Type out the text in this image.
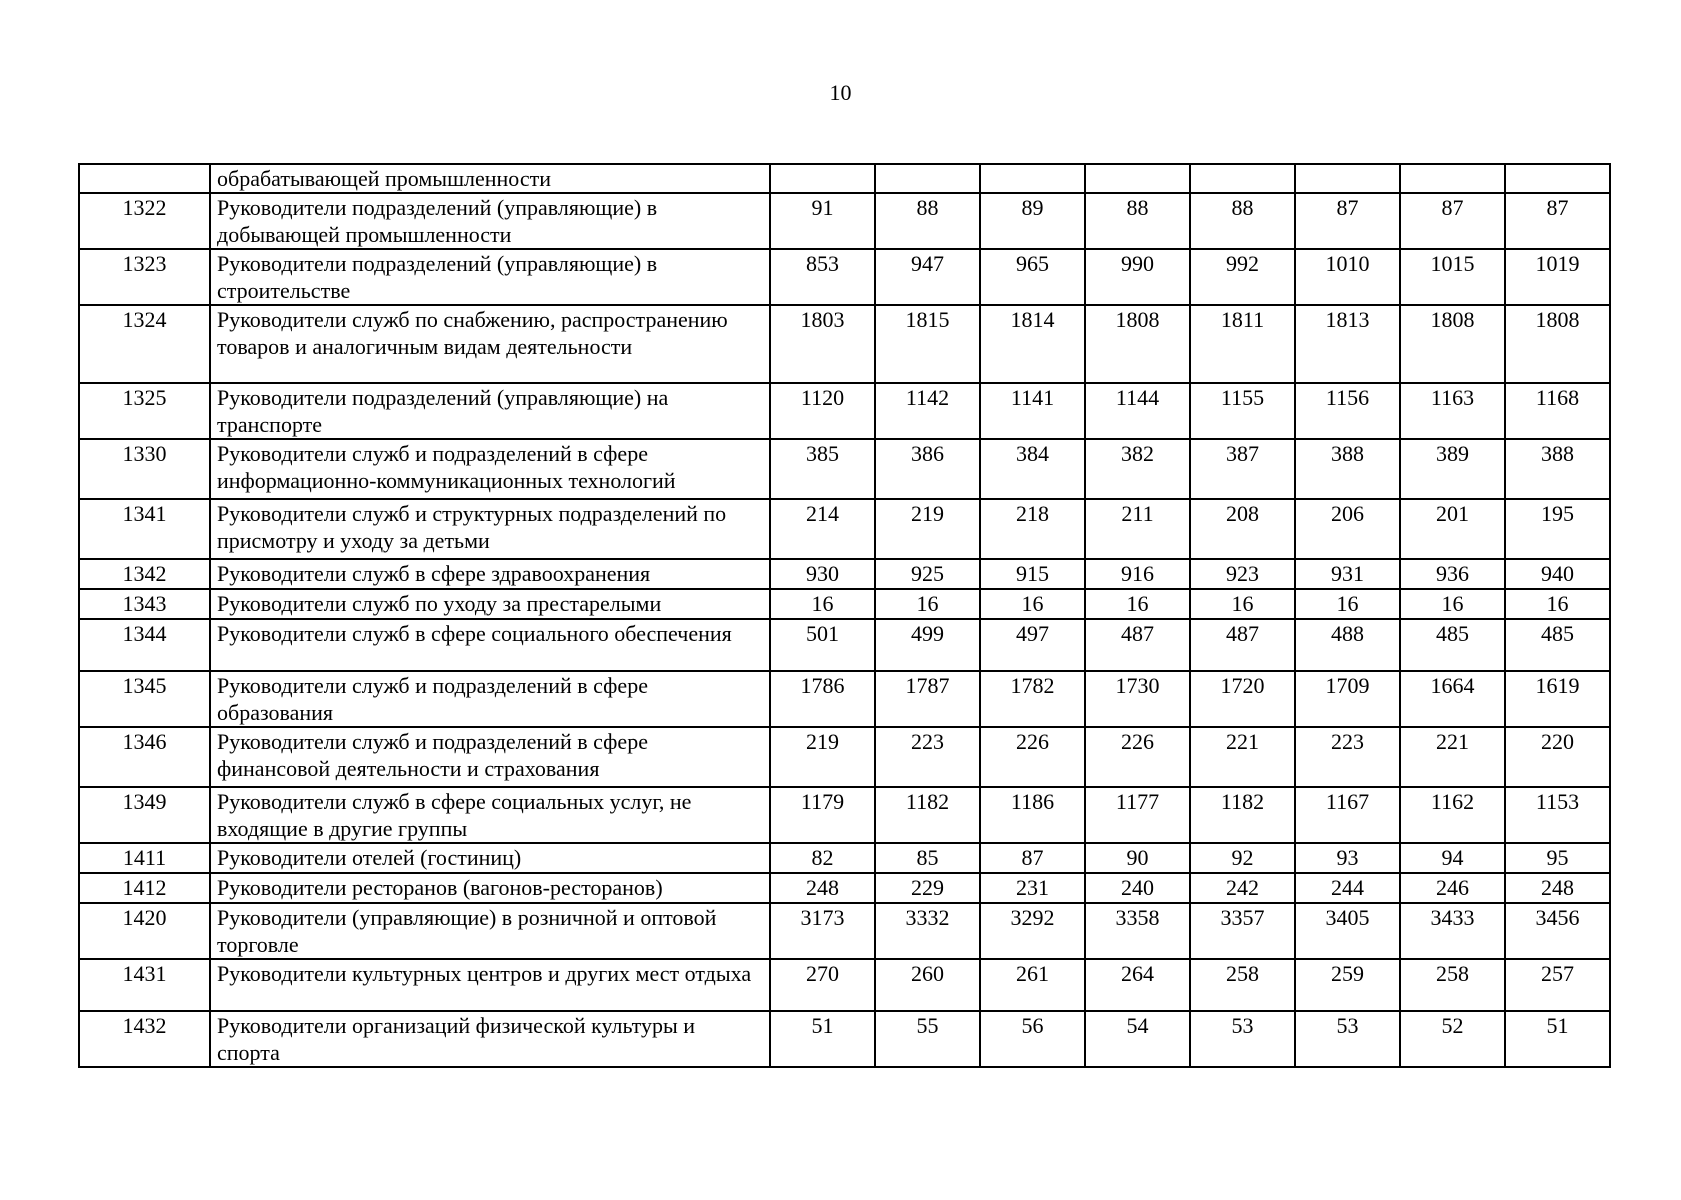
10
	обрабатывающей промышленности								
1322	Руководители подразделений (управляющие) в добывающей промышленности	91	88	89	88	88	87	87	87
1323	Руководители подразделений (управляющие) в строительстве	853	947	965	990	992	1010	1015	1019
1324	Руководители служб по снабжению, распространению товаров и аналогичным видам деятельности	1803	1815	1814	1808	1811	1813	1808	1808
1325	Руководители подразделений (управляющие) на транспорте	1120	1142	1141	1144	1155	1156	1163	1168
1330	Руководители служб и подразделений в сфере информационно-коммуникационных технологий	385	386	384	382	387	388	389	388
1341	Руководители служб и структурных подразделений по присмотру и уходу за детьми	214	219	218	211	208	206	201	195
1342	Руководители служб в сфере здравоохранения	930	925	915	916	923	931	936	940
1343	Руководители служб по уходу за престарелыми	16	16	16	16	16	16	16	16
1344	Руководители служб в сфере социального обеспечения	501	499	497	487	487	488	485	485
1345	Руководители служб и подразделений в сфере образования	1786	1787	1782	1730	1720	1709	1664	1619
1346	Руководители служб и подразделений в сфере финансовой деятельности и страхования	219	223	226	226	221	223	221	220
1349	Руководители служб в сфере социальных услуг, не входящие в другие группы	1179	1182	1186	1177	1182	1167	1162	1153
1411	Руководители отелей (гостиниц)	82	85	87	90	92	93	94	95
1412	Руководители ресторанов (вагонов-ресторанов)	248	229	231	240	242	244	246	248
1420	Руководители (управляющие) в розничной и оптовой торговле	3173	3332	3292	3358	3357	3405	3433	3456
1431	Руководители культурных центров и других мест отдыха	270	260	261	264	258	259	258	257
1432	Руководители организаций физической культуры и спорта	51	55	56	54	53	53	52	51
